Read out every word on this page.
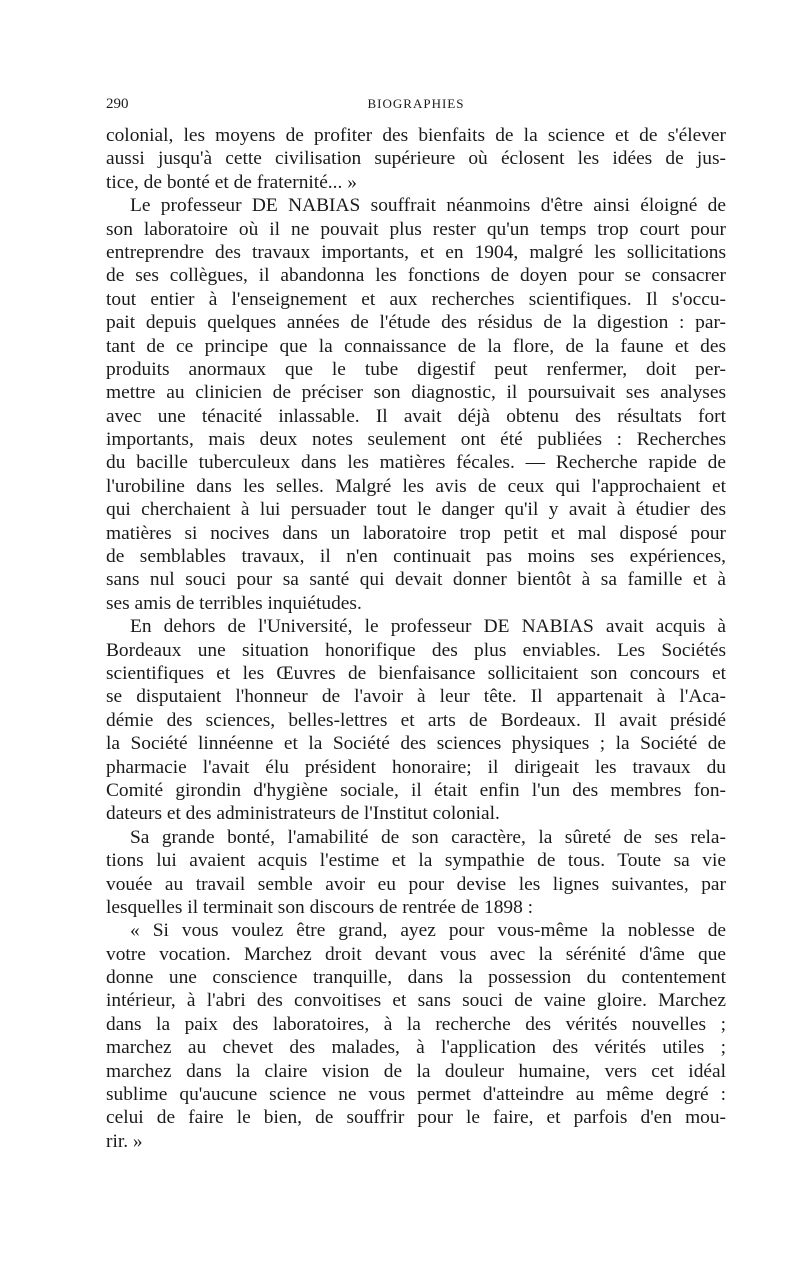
290	BIOGRAPHIES
colonial, les moyens de profiter des bienfaits de la science et de s'élever
aussi jusqu'à cette civilisation supérieure où éclosent les idées de jus-
tice, de bonté et de fraternité... »
Le professeur DE NABIAS souffrait néanmoins d'être ainsi éloigné de
son laboratoire où il ne pouvait plus rester qu'un temps trop court pour
entreprendre des travaux importants, et en 1904, malgré les sollicitations
de ses collègues, il abandonna les fonctions de doyen pour se consacrer
tout entier à l'enseignement et aux recherches scientifiques. Il s'occu-
pait depuis quelques années de l'étude des résidus de la digestion : par-
tant de ce principe que la connaissance de la flore, de la faune et des
produits anormaux que le tube digestif peut renfermer, doit per-
mettre au clinicien de préciser son diagnostic, il poursuivait ses analyses
avec une ténacité inlassable. Il avait déjà obtenu des résultats fort
importants, mais deux notes seulement ont été publiées : Recherches
du bacille tuberculeux dans les matières fécales. — Recherche rapide de
l'urobiline dans les selles. Malgré les avis de ceux qui l'approchaient et
qui cherchaient à lui persuader tout le danger qu'il y avait à étudier des
matières si nocives dans un laboratoire trop petit et mal disposé pour
de semblables travaux, il n'en continuait pas moins ses expériences,
sans nul souci pour sa santé qui devait donner bientôt à sa famille et à
ses amis de terribles inquiétudes.
En dehors de l'Université, le professeur DE NABIAS avait acquis à
Bordeaux une situation honorifique des plus enviables. Les Sociétés
scientifiques et les Œuvres de bienfaisance sollicitaient son concours et
se disputaient l'honneur de l'avoir à leur tête. Il appartenait à l'Aca-
démie des sciences, belles-lettres et arts de Bordeaux. Il avait présidé
la Société linnéenne et la Société des sciences physiques ; la Société de
pharmacie l'avait élu président honoraire; il dirigeait les travaux du
Comité girondin d'hygiène sociale, il était enfin l'un des membres fon-
dateurs et des administrateurs de l'Institut colonial.
Sa grande bonté, l'amabilité de son caractère, la sûreté de ses rela-
tions lui avaient acquis l'estime et la sympathie de tous. Toute sa vie
vouée au travail semble avoir eu pour devise les lignes suivantes, par
lesquelles il terminait son discours de rentrée de 1898 :
« Si vous voulez être grand, ayez pour vous-même la noblesse de
votre vocation. Marchez droit devant vous avec la sérénité d'âme que
donne une conscience tranquille, dans la possession du contentement
intérieur, à l'abri des convoitises et sans souci de vaine gloire. Marchez
dans la paix des laboratoires, à la recherche des vérités nouvelles ;
marchez au chevet des malades, à l'application des vérités utiles ;
marchez dans la claire vision de la douleur humaine, vers cet idéal
sublime qu'aucune science ne vous permet d'atteindre au même degré :
celui de faire le bien, de souffrir pour le faire, et parfois d'en mou-
rir. »
